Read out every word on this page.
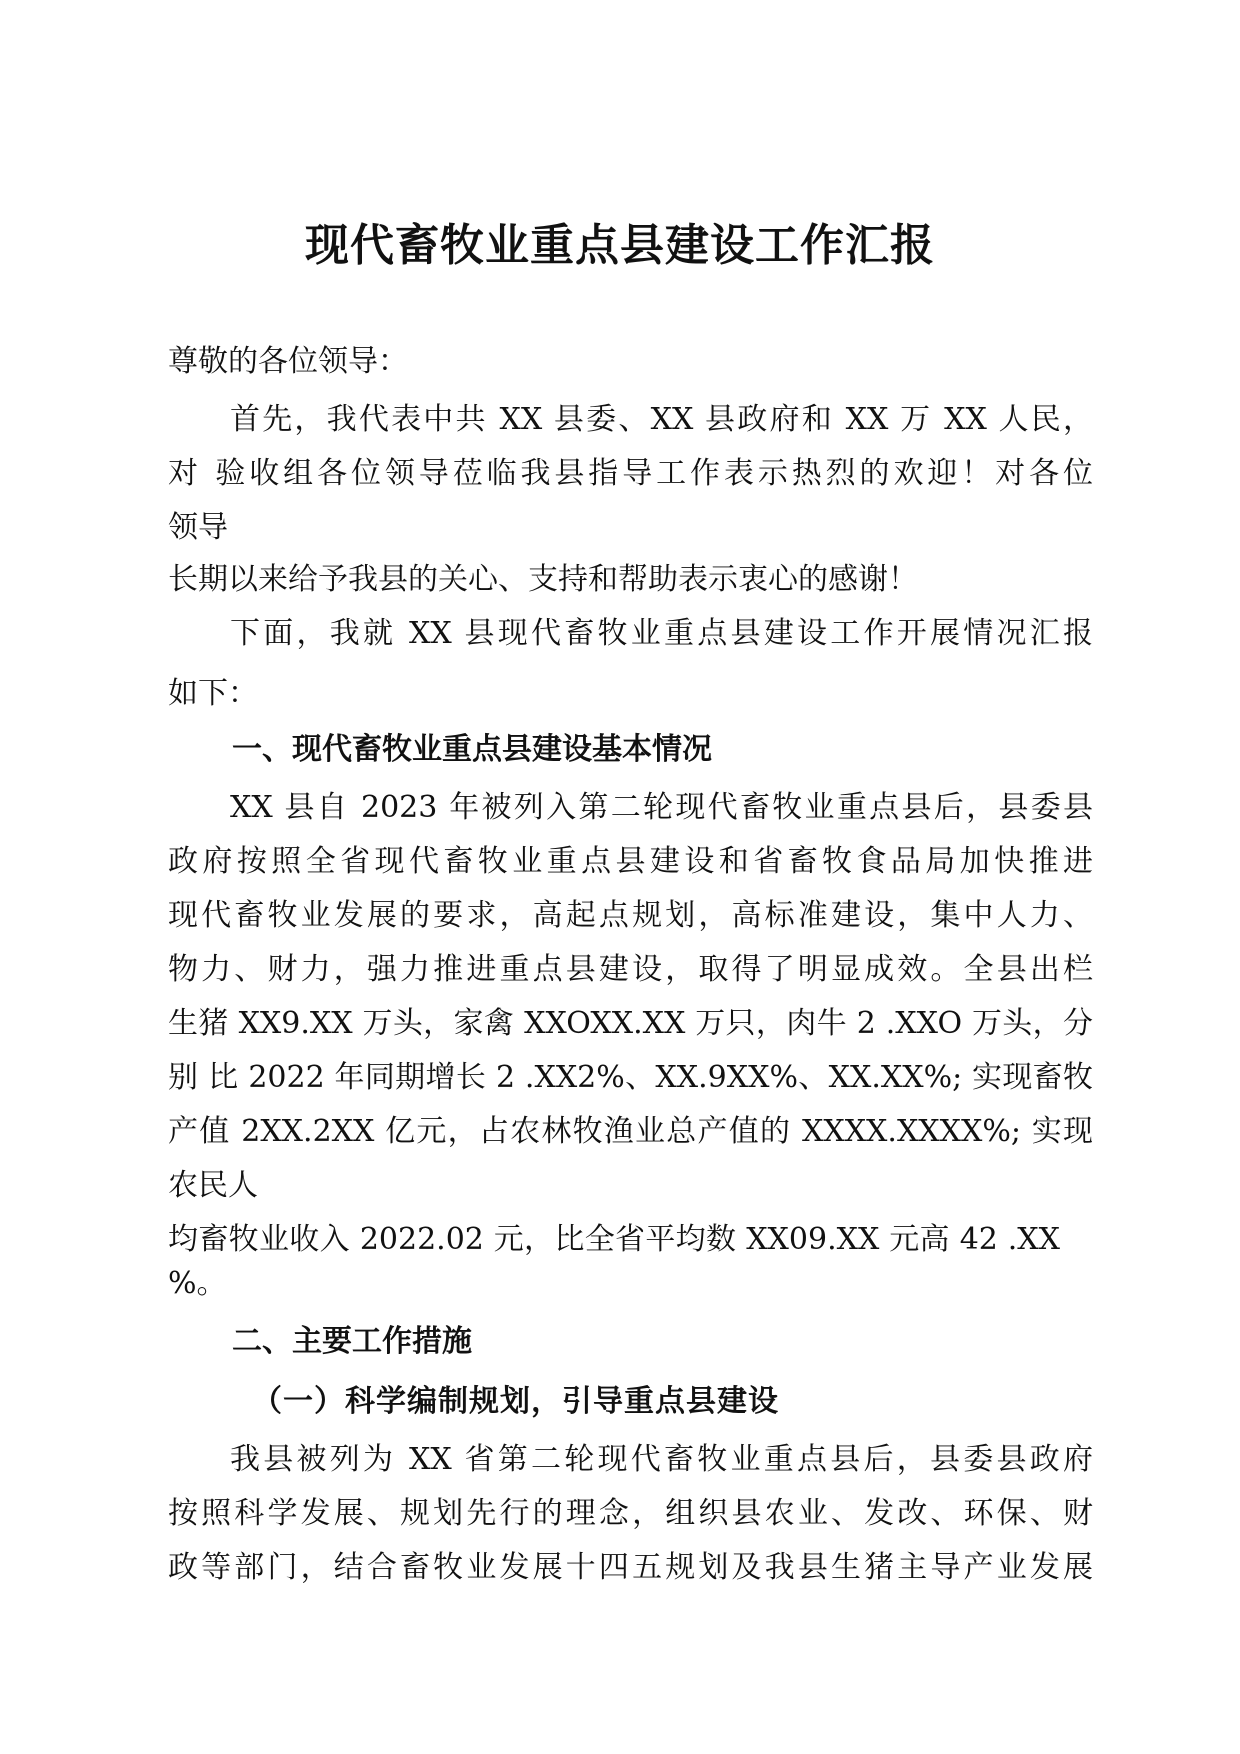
现代畜牧业重点县建设工作汇报
尊敬的各位领导：
首先，我代表中共 XX 县委、XX 县政府和 XX 万 XX 人民，
对 验收组各位领导莅临我县指导工作表示热烈的欢迎！对各位
领导
长期以来给予我县的关心、支持和帮助表示衷心的感谢！
下面，我就 XX 县现代畜牧业重点县建设工作开展情况汇报
如下：
一、现代畜牧业重点县建设基本情况
XX 县自 2023 年被列入第二轮现代畜牧业重点县后，县委县
政府按照全省现代畜牧业重点县建设和省畜牧食品局加快推进
现代畜牧业发展的要求，高起点规划，高标准建设，集中人力、
物力、财力，强力推进重点县建设，取得了明显成效。全县出栏
生猪 XX9.XX 万头，家禽 XXOXX.XX 万只，肉牛 2 .XXO 万头，分
别 比 2022 年同期增长 2 .XX2%、XX.9XX%、XX.XX%; 实现畜牧
产值 2XX.2XX 亿元，占农林牧渔业总产值的 XXXX.XXXX%; 实现
农民人
均畜牧业收入 2022.02 元，比全省平均数 XX09.XX 元高 42 .XX
%。
二、主要工作措施
（一）科学编制规划，引导重点县建设
我县被列为 XX 省第二轮现代畜牧业重点县后，县委县政府
按照科学发展、规划先行的理念，组织县农业、发改、环保、财
政等部门，结合畜牧业发展十四五规划及我县生猪主导产业发展
